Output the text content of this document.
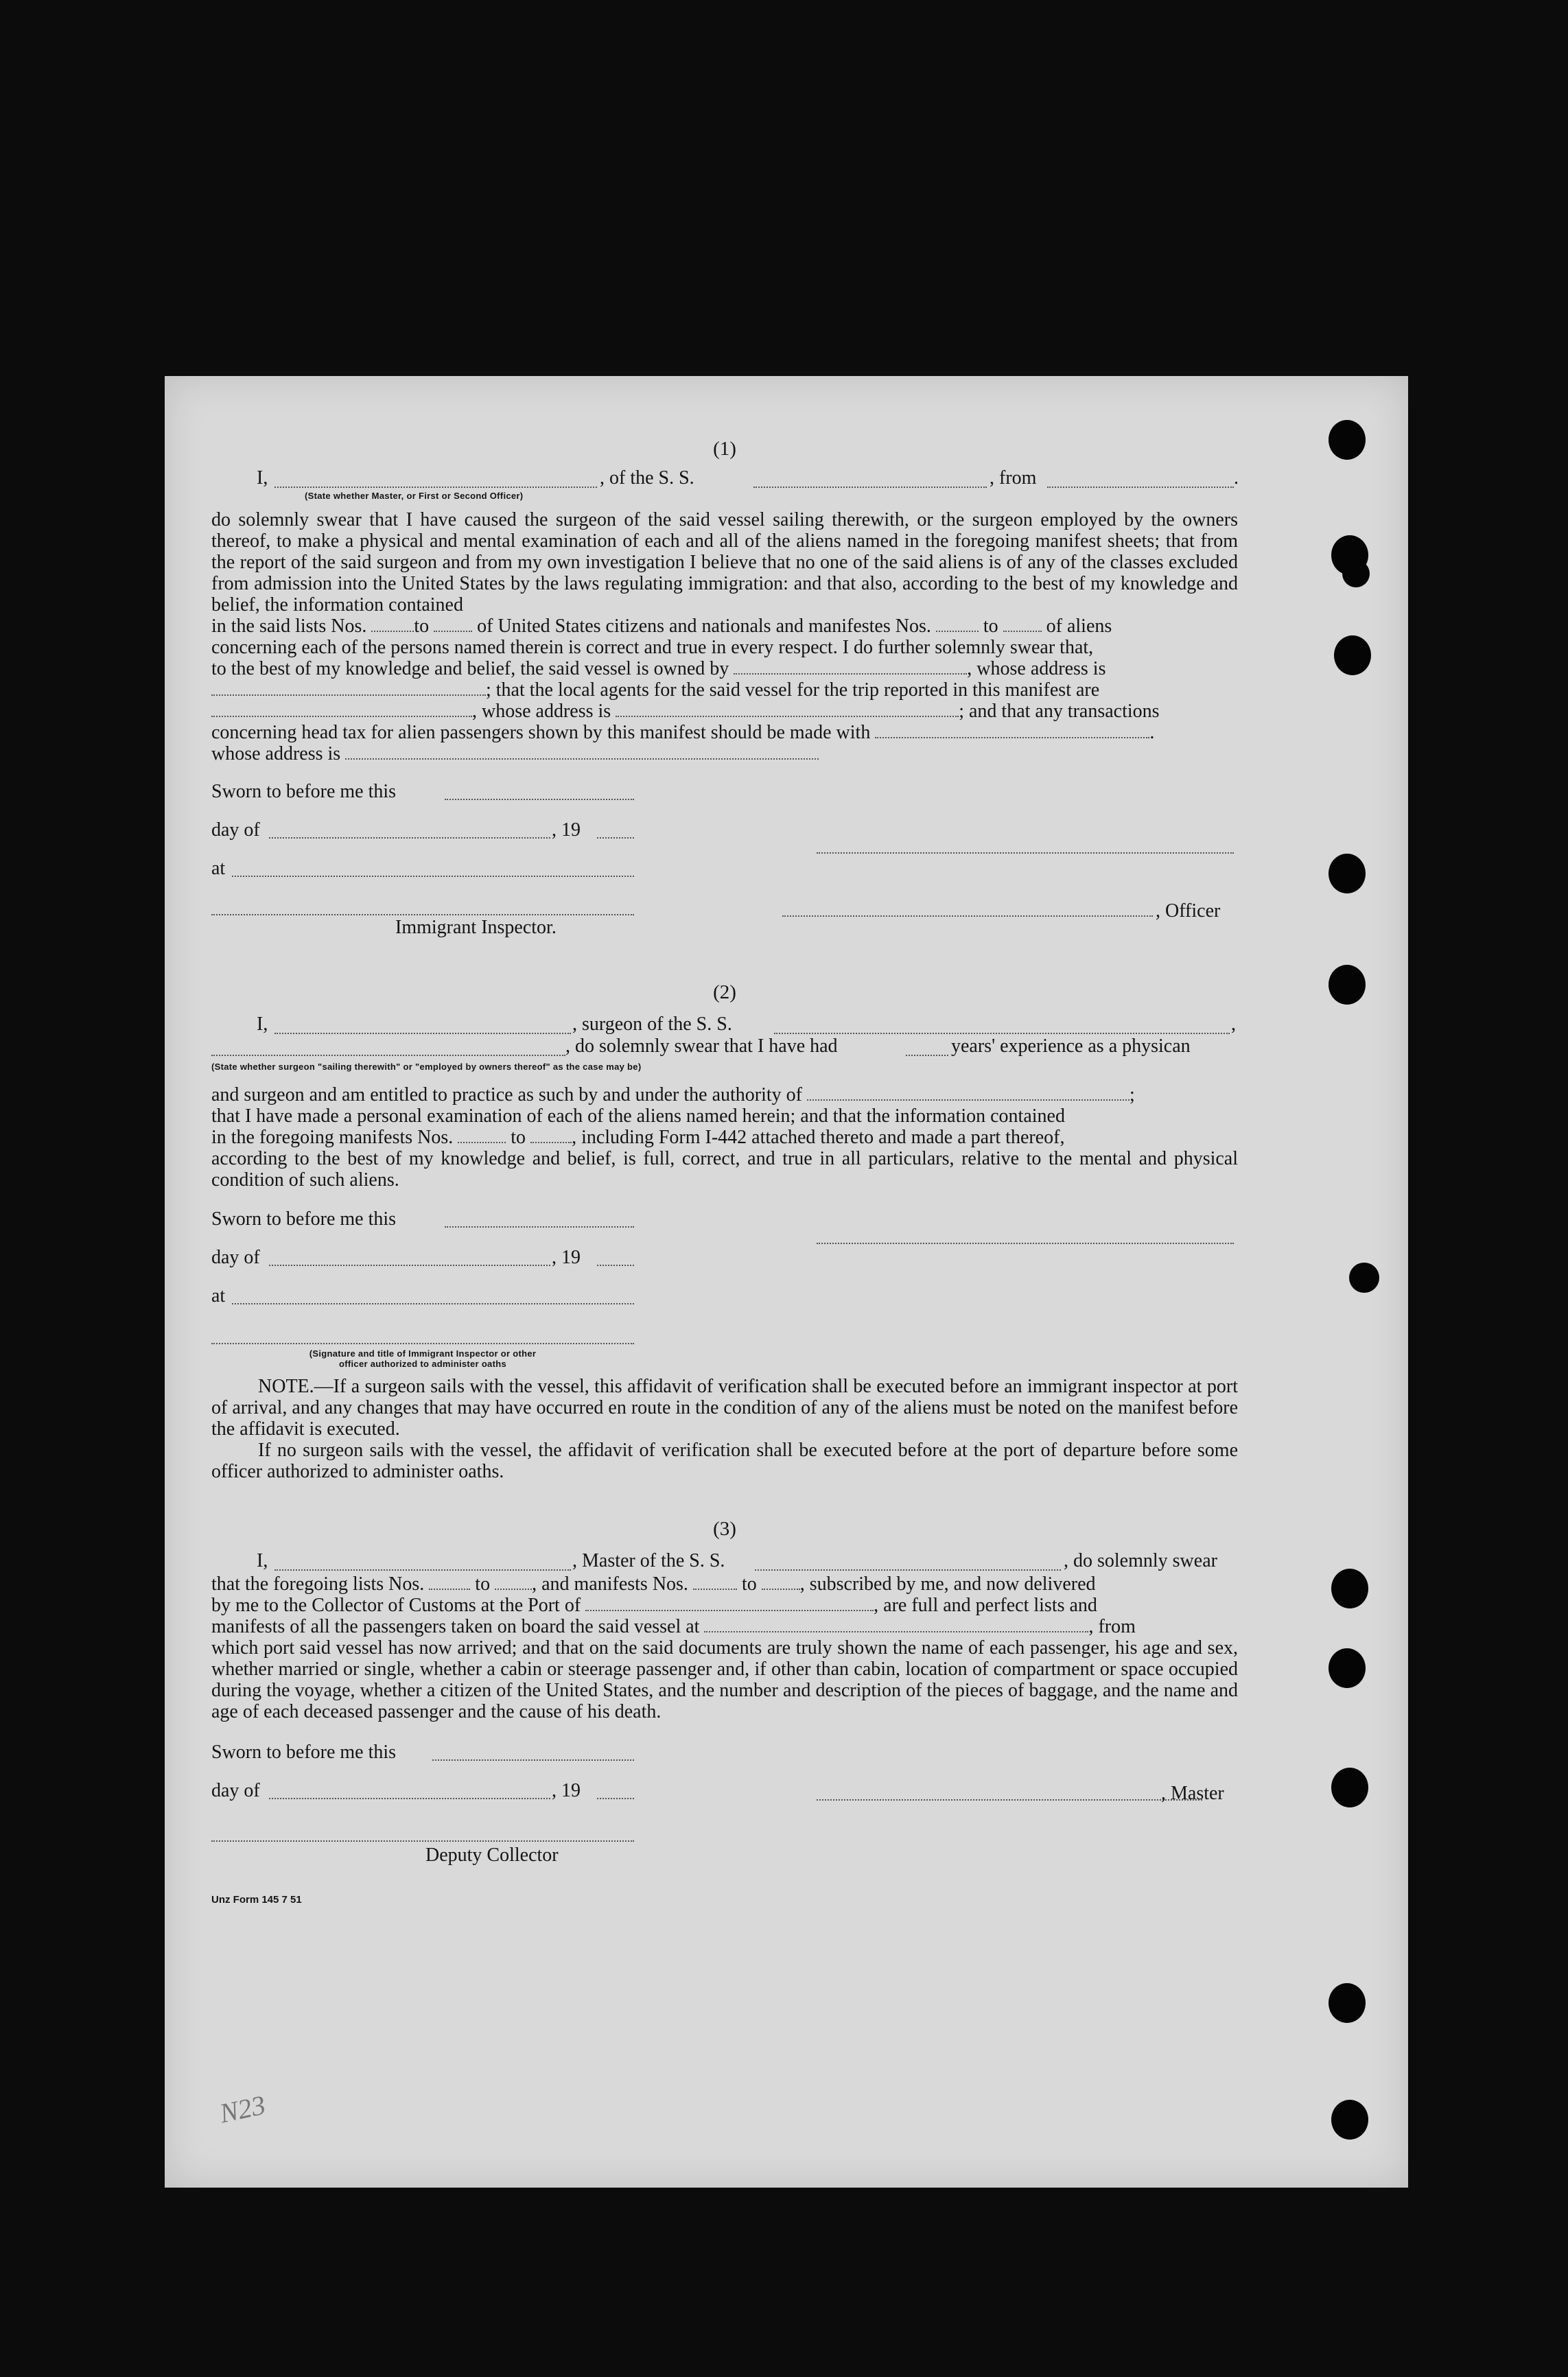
(1)

I,	, of the S. S.	, from	.
(State whether Master, or First or Second Officer)

do solemnly swear that I have caused the surgeon of the said vessel sailing therewith, or the surgeon employed by the owners thereof, to make a physical and mental examination of each and all of the aliens named in the foregoing manifest sheets; that from the report of the said surgeon and from my own investigation I believe that no one of the said aliens is of any of the classes excluded from admission into the United States by the laws regulating immigration: and that also, according to the best of my knowledge and belief, the information contained

in the said lists Nos. to	of United States citizens and nationals and manifestes Nos.	to	of aliens

concerning each of the persons named therein is correct and true in every respect. I do further solemnly swear that,

to the best of my knowledge and belief, the said vessel is owned by	, whose address is

; that the local agents for the said vessel for the trip reported in this manifest are

, whose address is	; and that any transactions

concerning head tax for alien passengers shown by this manifest should be made with	.

whose address is

Sworn to before me this
day of	, 19
at
, Officer
Immigrant Inspector.

(2)

I,	, surgeon of the S. S.	,
, do solemnly swear that I have had	years' experience as a physican
(State whether surgeon "sailing therewith" or "employed by owners thereof" as the case may be)

and surgeon and am entitled to practice as such by and under the authority of	;

that I have made a personal examination of each of the aliens named herein; and that the information contained

in the foregoing manifests Nos.	to , including Form I-442 attached thereto and made a part thereof,

according to the best of my knowledge and belief, is full, correct, and true in all particulars, relative to the mental and physical condition of such aliens.

Sworn to before me this
day of	, 19
at
(Signature and title of Immigrant Inspector or other
officer authorized to administer oaths

NOTE.—If a surgeon sails with the vessel, this affidavit of verification shall be executed before an immigrant inspector at port of arrival, and any changes that may have occurred en route in the condition of any of the aliens must be noted on the manifest before the affidavit is executed.

If no surgeon sails with the vessel, the affidavit of verification shall be executed before at the port of departure before some officer authorized to administer oaths.

(3)

I,	, Master of the S. S.	, do solemnly swear

that the foregoing lists Nos.	to , and manifests Nos.	to , subscribed by me, and now delivered

by me to the Collector of Customs at the Port of	, are full and perfect lists and

manifests of all the passengers taken on board the said vessel at	, from

which port said vessel has now arrived; and that on the said documents are truly shown the name of each passenger, his age and sex, whether married or single, whether a cabin or steerage passenger and, if other than cabin, location of compartment or space occupied during the voyage, whether a citizen of the United States, and the number and description of the pieces of baggage, and the name and age of each deceased passenger and the cause of his death.

Sworn to before me this
day of	, 19	, Master
Deputy Collector
Unz Form 145 7 51
N23
